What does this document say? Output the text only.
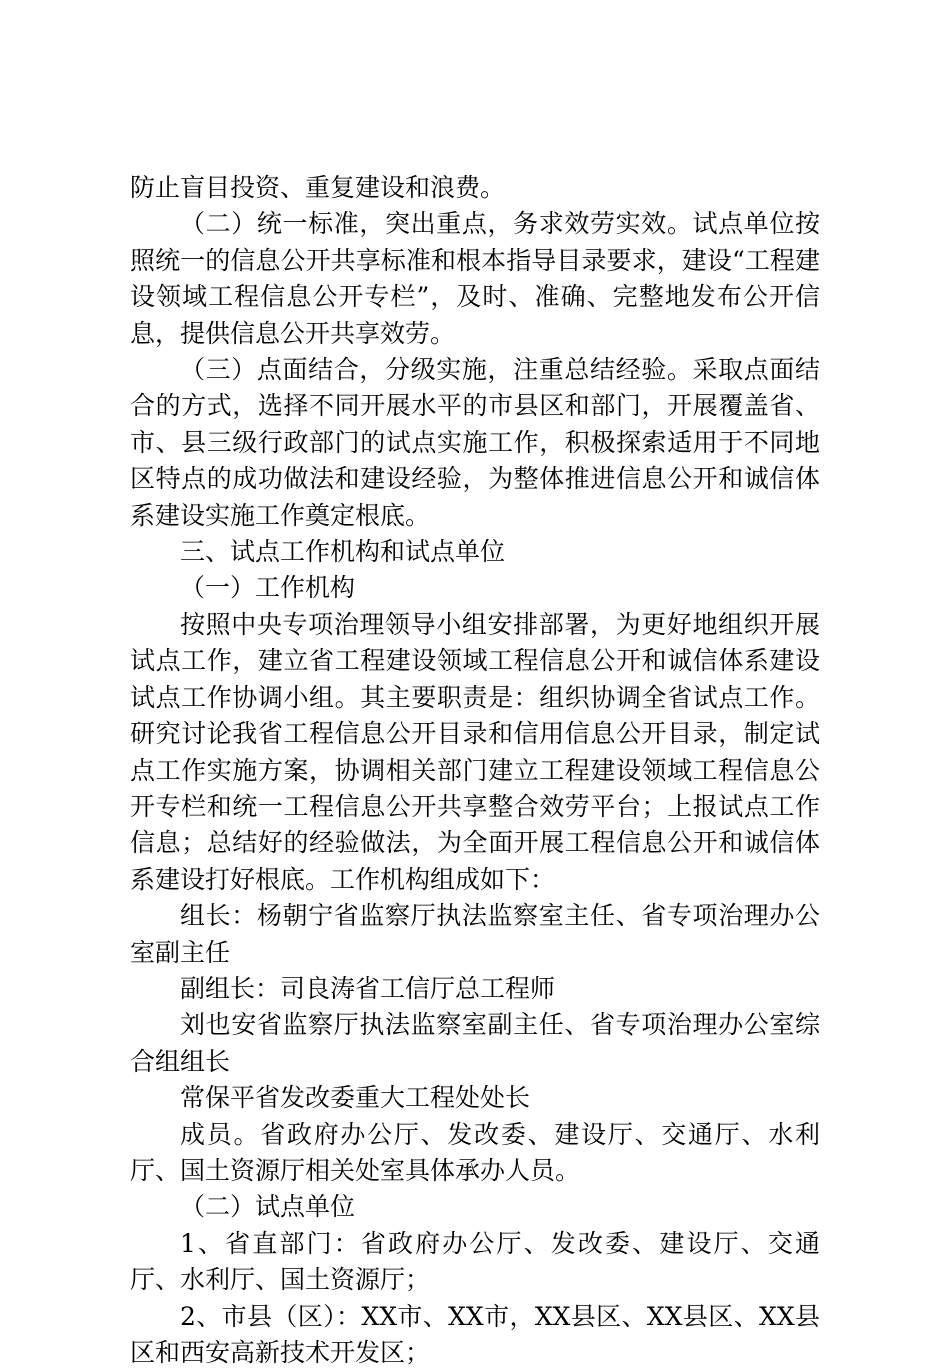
防止盲目投资、重复建设和浪费。

（二）统一标准，突出重点，务求效劳实效。试点单位按照统一的信息公开共享标准和根本指导目录要求，建设“工程建设领域工程信息公开专栏”，及时、准确、完整地发布公开信息，提供信息公开共享效劳。

（三）点面结合，分级实施，注重总结经验。采取点面结合的方式，选择不同开展水平的市县区和部门，开展覆盖省、市、县三级行政部门的试点实施工作，积极探索适用于不同地区特点的成功做法和建设经验，为整体推进信息公开和诚信体系建设实施工作奠定根底。

三、试点工作机构和试点单位

（一）工作机构

按照中央专项治理领导小组安排部署，为更好地组织开展试点工作，建立省工程建设领域工程信息公开和诚信体系建设试点工作协调小组。其主要职责是：组织协调全省试点工作。研究讨论我省工程信息公开目录和信用信息公开目录，制定试点工作实施方案，协调相关部门建立工程建设领域工程信息公开专栏和统一工程信息公开共享整合效劳平台；上报试点工作信息；总结好的经验做法，为全面开展工程信息公开和诚信体系建设打好根底。工作机构组成如下：

组长：杨朝宁省监察厅执法监察室主任、省专项治理办公室副主任

副组长：司良涛省工信厅总工程师

刘也安省监察厅执法监察室副主任、省专项治理办公室综合组组长

常保平省发改委重大工程处处长

成员。省政府办公厅、发改委、建设厅、交通厅、水利厅、国土资源厅相关处室具体承办人员。

（二）试点单位

1、省直部门：省政府办公厅、发改委、建设厅、交通厅、水利厅、国土资源厅；

2、市县（区）：XX市、XX市，XX县区、XX县区、XX县区和西安高新技术开发区；
